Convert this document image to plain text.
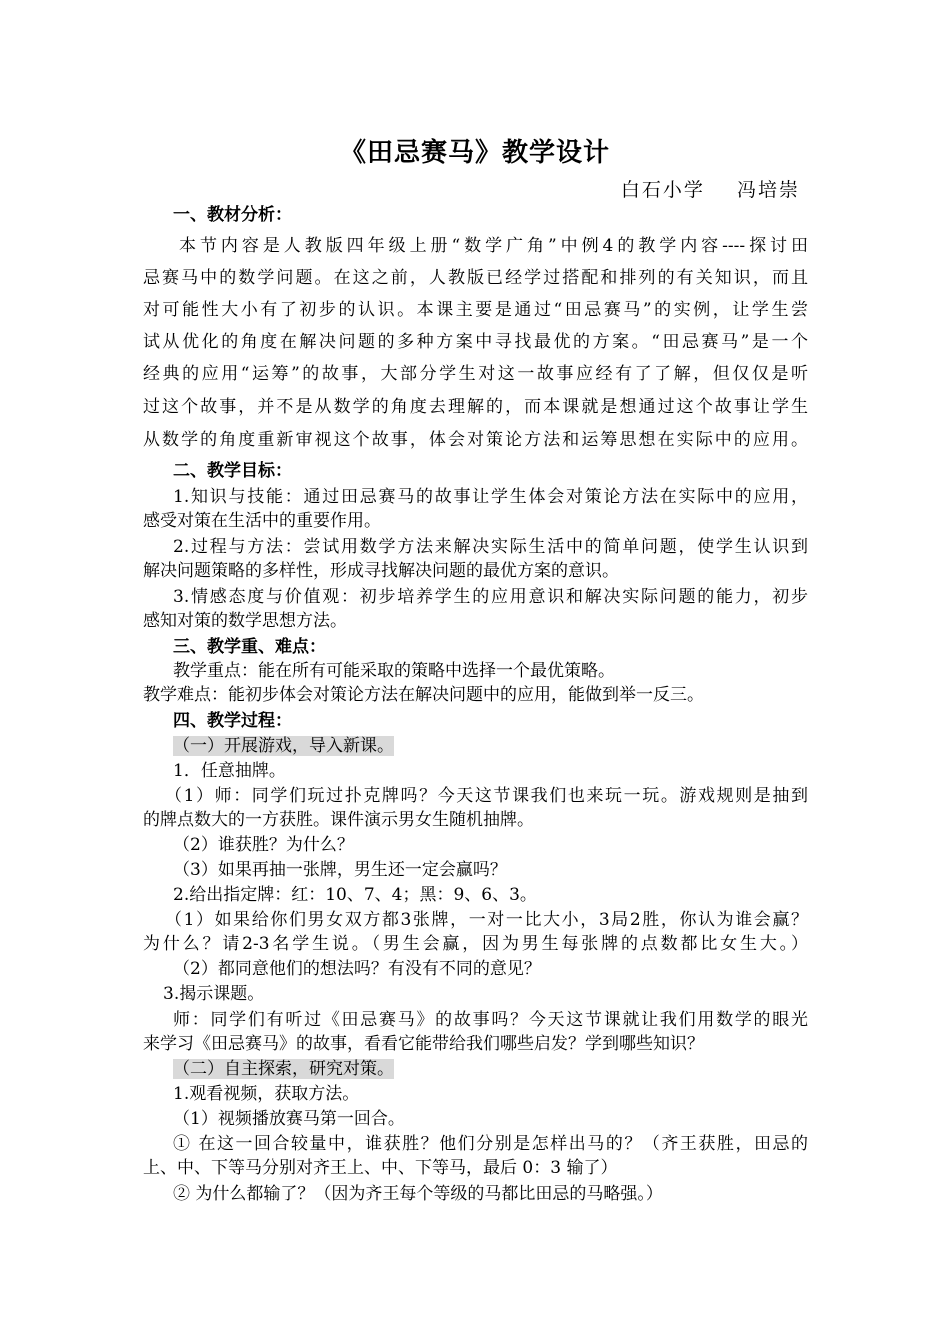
《田忌赛马》教学设计
白石小学 冯培崇
一、教材分析：
本节内容是人教版四年级上册“数学广角”中例4的教学内容----探讨田
忌赛马中的数学问题。在这之前，人教版已经学过搭配和排列的有关知识，而且
对可能性大小有了初步的认识。本课主要是通过“田忌赛马”的实例，让学生尝
试从优化的角度在解决问题的多种方案中寻找最优的方案。“田忌赛马”是一个
经典的应用“运筹”的故事，大部分学生对这一故事应经有了了解，但仅仅是听
过这个故事，并不是从数学的角度去理解的，而本课就是想通过这个故事让学生
从数学的角度重新审视这个故事，体会对策论方法和运筹思想在实际中的应用。
二、教学目标：
1.知识与技能：通过田忌赛马的故事让学生体会对策论方法在实际中的应用，
感受对策在生活中的重要作用。
2.过程与方法：尝试用数学方法来解决实际生活中的简单问题，使学生认识到
解决问题策略的多样性，形成寻找解决问题的最优方案的意识。
3.情感态度与价值观：初步培养学生的应用意识和解决实际问题的能力，初步
感知对策的数学思想方法。
三、教学重、难点：
教学重点：能在所有可能采取的策略中选择一个最优策略。
教学难点：能初步体会对策论方法在解决问题中的应用，能做到举一反三。
四、教学过程：
（一）开展游戏，导入新课。
1．任意抽牌。
（1）师：同学们玩过扑克牌吗？今天这节课我们也来玩一玩。游戏规则是抽到
的牌点数大的一方获胜。课件演示男女生随机抽牌。
（2）谁获胜？为什么？
（3）如果再抽一张牌，男生还一定会赢吗？
2.给出指定牌：红：10、7、4；黑：9、6、3。
（1）如果给你们男女双方都3张牌，一对一比大小，3局2胜，你认为谁会赢？
为什么？请2-3名学生说。（男生会赢，因为男生每张牌的点数都比女生大。）
（2）都同意他们的想法吗？有没有不同的意见？
3.揭示课题。
师：同学们有听过《田忌赛马》的故事吗？今天这节课就让我们用数学的眼光
来学习《田忌赛马》的故事，看看它能带给我们哪些启发？学到哪些知识？
（二）自主探索，研究对策。
1.观看视频，获取方法。
（1）视频播放赛马第一回合。
① 在这一回合较量中，谁获胜？他们分别是怎样出马的？（齐王获胜，田忌的
上、中、下等马分别对齐王上、中、下等马，最后 0：3 输了）
② 为什么都输了？（因为齐王每个等级的马都比田忌的马略强。）
